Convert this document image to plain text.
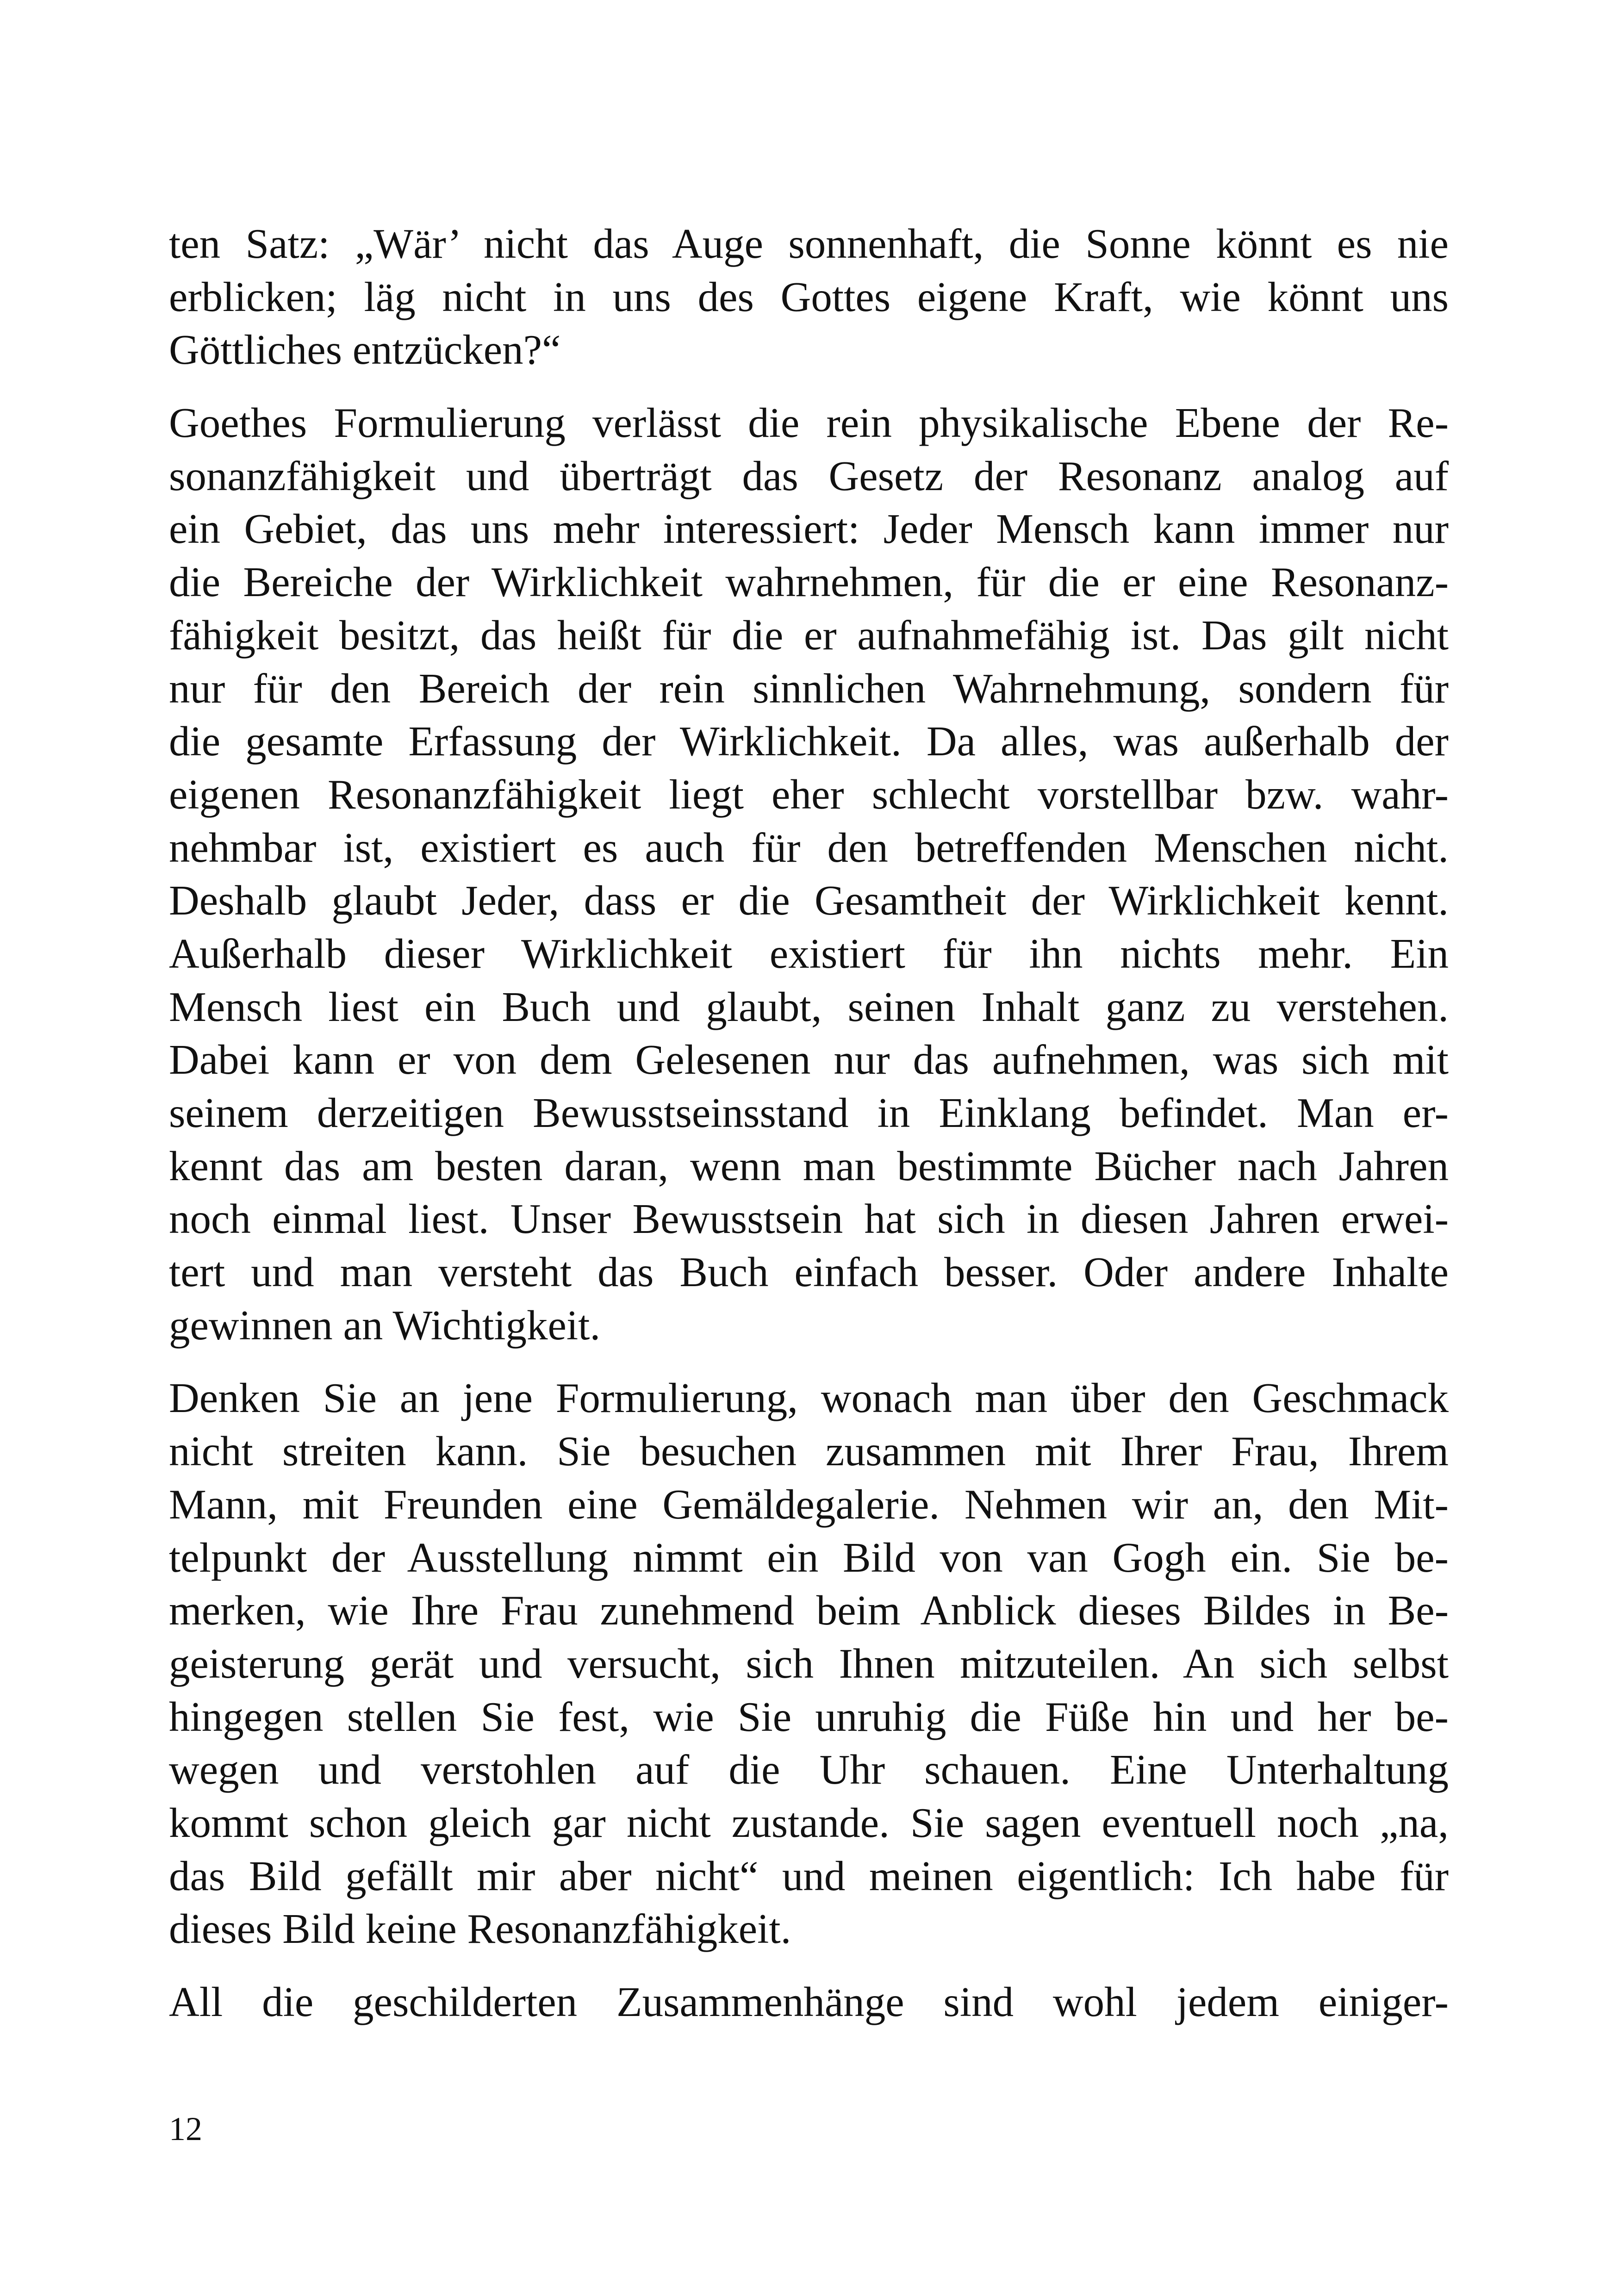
ten Satz: „Wär’ nicht das Auge sonnenhaft, die Sonne könnt es nie
erblicken; läg nicht in uns des Gottes eigene Kraft, wie könnt uns
Göttliches entzücken?“
Goethes Formulierung verlässt die rein physikalische Ebene der Re-
sonanzfähigkeit und überträgt das Gesetz der Resonanz analog auf
ein Gebiet, das uns mehr interessiert: Jeder Mensch kann immer nur
die Bereiche der Wirklichkeit wahrnehmen, für die er eine Resonanz-
fähigkeit besitzt, das heißt für die er aufnahmefähig ist. Das gilt nicht
nur für den Bereich der rein sinnlichen Wahrnehmung, sondern für
die gesamte Erfassung der Wirklichkeit. Da alles, was außerhalb der
eigenen Resonanzfähigkeit liegt eher schlecht vorstellbar bzw. wahr-
nehmbar ist, existiert es auch für den betreffenden Menschen nicht.
Deshalb glaubt Jeder, dass er die Gesamtheit der Wirklichkeit kennt.
Außerhalb dieser Wirklichkeit existiert für ihn nichts mehr. Ein
Mensch liest ein Buch und glaubt, seinen Inhalt ganz zu verstehen.
Dabei kann er von dem Gelesenen nur das aufnehmen, was sich mit
seinem derzeitigen Bewusstseinsstand in Einklang befindet. Man er-
kennt das am besten daran, wenn man bestimmte Bücher nach Jahren
noch einmal liest. Unser Bewusstsein hat sich in diesen Jahren erwei-
tert und man versteht das Buch einfach besser. Oder andere Inhalte
gewinnen an Wichtigkeit.
Denken Sie an jene Formulierung, wonach man über den Geschmack
nicht streiten kann. Sie besuchen zusammen mit Ihrer Frau, Ihrem
Mann, mit Freunden eine Gemäldegalerie. Nehmen wir an, den Mit-
telpunkt der Ausstellung nimmt ein Bild von van Gogh ein. Sie be-
merken, wie Ihre Frau zunehmend beim Anblick dieses Bildes in Be-
geisterung gerät und versucht, sich Ihnen mitzuteilen. An sich selbst
hingegen stellen Sie fest, wie Sie unruhig die Füße hin und her be-
wegen und verstohlen auf die Uhr schauen. Eine Unterhaltung
kommt schon gleich gar nicht zustande. Sie sagen eventuell noch „na,
das Bild gefällt mir aber nicht“ und meinen eigentlich: Ich habe für
dieses Bild keine Resonanzfähigkeit.
All die geschilderten Zusammenhänge sind wohl jedem einiger-
12
